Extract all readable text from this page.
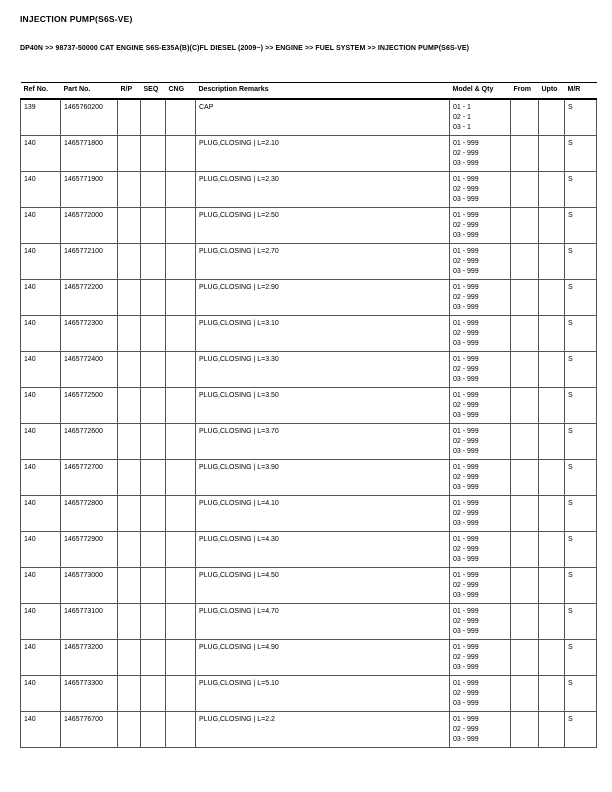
INJECTION PUMP(S6S-VE)
DP40N >> 98737-50000 CAT ENGINE S6S-E35A(B)(C)FL DIESEL (2009~) >> ENGINE >> FUEL SYSTEM >> INJECTION PUMP(S6S-VE)
Ref No.	Part No.	R/P	SEQ	CNG	Description Remarks	Model & Qty	From	Upto	M/R
139	1465760200				CAP	01 - 1
02 - 1
03 - 1			S
140	1465771800				PLUG,CLOSING | L=2.10	01 - 999
02 - 999
03 - 999			S
140	1465771900				PLUG,CLOSING | L=2.30	01 - 999
02 - 999
03 - 999			S
140	1465772000				PLUG,CLOSING | L=2.50	01 - 999
02 - 999
03 - 999			S
140	1465772100				PLUG,CLOSING | L=2.70	01 - 999
02 - 999
03 - 999			S
140	1465772200				PLUG,CLOSING | L=2.90	01 - 999
02 - 999
03 - 999			S
140	1465772300				PLUG,CLOSING | L=3.10	01 - 999
02 - 999
03 - 999			S
140	1465772400				PLUG,CLOSING | L=3.30	01 - 999
02 - 999
03 - 999			S
140	1465772500				PLUG,CLOSING | L=3.50	01 - 999
02 - 999
03 - 999			S
140	1465772600				PLUG,CLOSING | L=3.70	01 - 999
02 - 999
03 - 999			S
140	1465772700				PLUG,CLOSING | L=3.90	01 - 999
02 - 999
03 - 999			S
140	1465772800				PLUG,CLOSING | L=4.10	01 - 999
02 - 999
03 - 999			S
140	1465772900				PLUG,CLOSING | L=4.30	01 - 999
02 - 999
03 - 999			S
140	1465773000				PLUG,CLOSING | L=4.50	01 - 999
02 - 999
03 - 999			S
140	1465773100				PLUG,CLOSING | L=4.70	01 - 999
02 - 999
03 - 999			S
140	1465773200				PLUG,CLOSING | L=4.90	01 - 999
02 - 999
03 - 999			S
140	1465773300				PLUG,CLOSING | L=5.10	01 - 999
02 - 999
03 - 999			S
140	1465776700				PLUG,CLOSING | L=2.2	01 - 999
02 - 999
03 - 999			S
